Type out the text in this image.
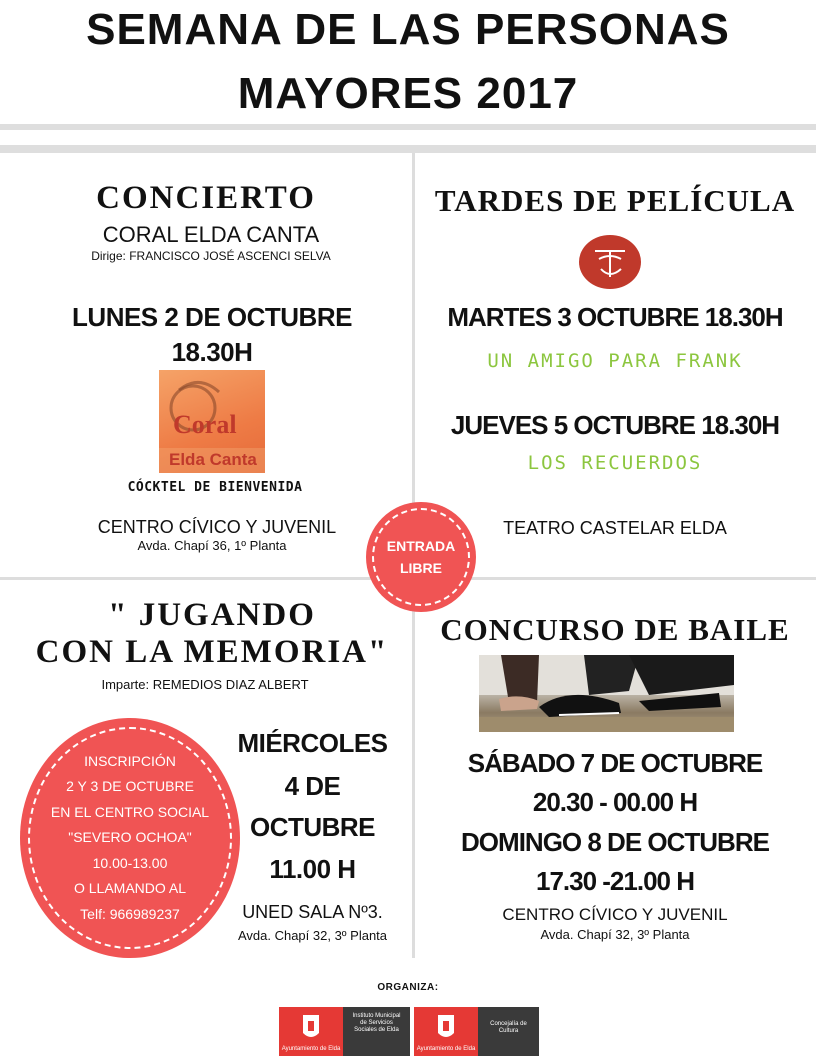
SEMANA DE LAS PERSONAS
MAYORES 2017
CONCIERTO
CORAL ELDA CANTA
Dirige: FRANCISCO JOSÉ ASCENCI SELVA
LUNES 2 DE OCTUBRE
18.30H
Coral
Elda Canta
CÓCKTEL DE BIENVENIDA
CENTRO CÍVICO Y JUVENIL
Avda. Chapí 36, 1º Planta
TARDES DE PELÍCULA
MARTES 3 OCTUBRE 18.30H
UN AMIGO PARA FRANK
JUEVES 5 OCTUBRE 18.30H
LOS RECUERDOS
TEATRO CASTELAR ELDA
ENTRADA
LIBRE
" JUGANDO
CON LA MEMORIA"
Imparte: REMEDIOS DIAZ ALBERT
INSCRIPCIÓN
2 Y 3 DE OCTUBRE
EN EL CENTRO SOCIAL
"SEVERO OCHOA"
10.00-13.00
O LLAMANDO AL
Telf: 966989237
MIÉRCOLES
4 DE
OCTUBRE
11.00 H
UNED SALA Nº3.
Avda. Chapí 32, 3º Planta
CONCURSO DE BAILE
SÁBADO 7 DE OCTUBRE
20.30 - 00.00 H
DOMINGO 8 DE OCTUBRE
17.30 -21.00 H
CENTRO CÍVICO Y JUVENIL
Avda. Chapí 32, 3º Planta
ORGANIZA:
Ayuntamiento de Elda
Instituto Municipal de Servicios Sociales de Elda
Ayuntamiento de Elda
Concejalía de Cultura
